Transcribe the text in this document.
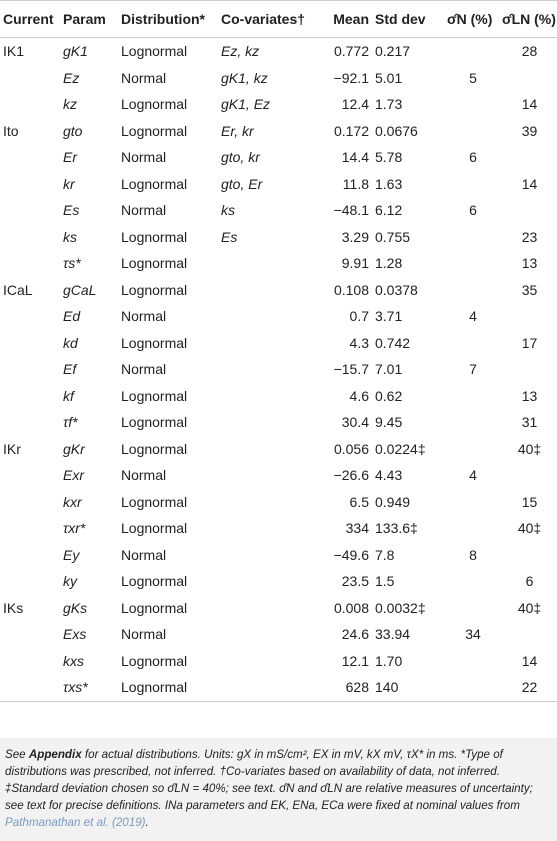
Current	Param	Distribution*	Co-variates†	Mean	Std dev	σ̂N (%)	σ̂LN (%)
IK1	gK1	Lognormal	Ez, kz	0.772	0.217		28
	Ez	Normal	gK1, kz	−92.1	5.01	5	
	kz	Lognormal	gK1, Ez	12.4	1.73		14
Ito	gto	Lognormal	Er, kr	0.172	0.0676		39
	Er	Normal	gto, kr	14.4	5.78	6	
	kr	Lognormal	gto, Er	11.8	1.63		14
	Es	Normal	ks	−48.1	6.12	6	
	ks	Lognormal	Es	3.29	0.755		23
	τs*	Lognormal		9.91	1.28		13
ICaL	gCaL	Lognormal		0.108	0.0378		35
	Ed	Normal		0.7	3.71	4	
	kd	Lognormal		4.3	0.742		17
	Ef	Normal		−15.7	7.01	7	
	kf	Lognormal		4.6	0.62		13
	τf*	Lognormal		30.4	9.45		31
IKr	gKr	Lognormal		0.056	0.0224‡		40‡
	Exr	Normal		−26.6	4.43	4	
	kxr	Lognormal		6.5	0.949		15
	τxr*	Lognormal		334	133.6‡		40‡
	Ey	Normal		−49.6	7.8	8	
	ky	Lognormal		23.5	1.5		6
IKs	gKs	Lognormal		0.008	0.0032‡		40‡
	Exs	Normal		24.6	33.94	34	
	kxs	Lognormal		12.1	1.70		14
	τxs*	Lognormal		628	140		22
See Appendix for actual distributions. Units: gX in mS/cm², EX in mV, kX mV, τX* in ms. *Type of distributions was prescribed, not inferred. †Co-variates based on availability of data, not inferred. ‡Standard deviation chosen so σ̂LN = 40%; see text. σ̂N and σ̂LN are relative measures of uncertainty; see text for precise definitions. INa parameters and EK, ENa, ECa were fixed at nominal values from Pathmanathan et al. (2019).
